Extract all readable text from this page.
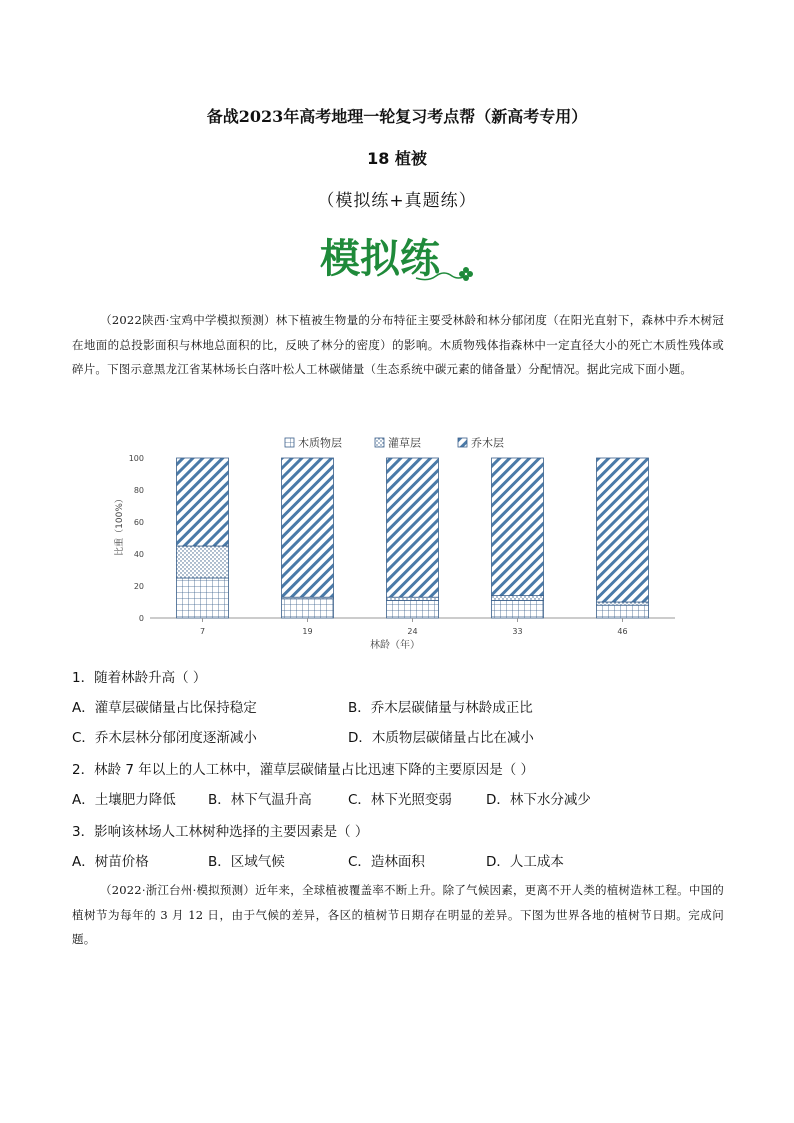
备战2023年高考地理一轮复习考点帮（新高考专用）
18 植被
（模拟练+真题练）
模拟练
（2022陕西·宝鸡中学模拟预测）林下植被生物量的分布特征主要受林龄和林分郁闭度（在阳光直射下，森林中乔木树冠在地面的总投影面积与林地总面积的比，反映了林分的密度）的影响。木质物残体指森林中一定直径大小的死亡木质性残体或碎片。下图示意黑龙江省某林场长白落叶松人工林碳储量（生态系统中碳元素的储备量）分配情况。据此完成下面小题。
木质物层	灌草层	乔木层
0
20
40
60
80
100
7	19	24	33	46
比重（100%）
林龄（年）
1．随着林龄升高（ ）
A．灌草层碳储量占比保持稳定	B．乔木层碳储量与林龄成正比
C．乔木层林分郁闭度逐渐减小	D．木质物层碳储量占比在减小
2．林龄 7 年以上的人工林中，灌草层碳储量占比迅速下降的主要原因是（ ）
A．土壤肥力降低 B．林下气温升高	C．林下光照变弱	D．林下水分减少
3．影响该林场人工林树种选择的主要因素是（ ）
A．树苗价格	B．区域气候	C．造林面积	D．人工成本
（2022·浙江台州·模拟预测）近年来，全球植被覆盖率不断上升。除了气候因素，更离不开人类的植树造林工程。中国的植树节为每年的 3 月 12 日，由于气候的差异，各区的植树节日期存在明显的差异。下图为世界各地的植树节日期。完成问题。
